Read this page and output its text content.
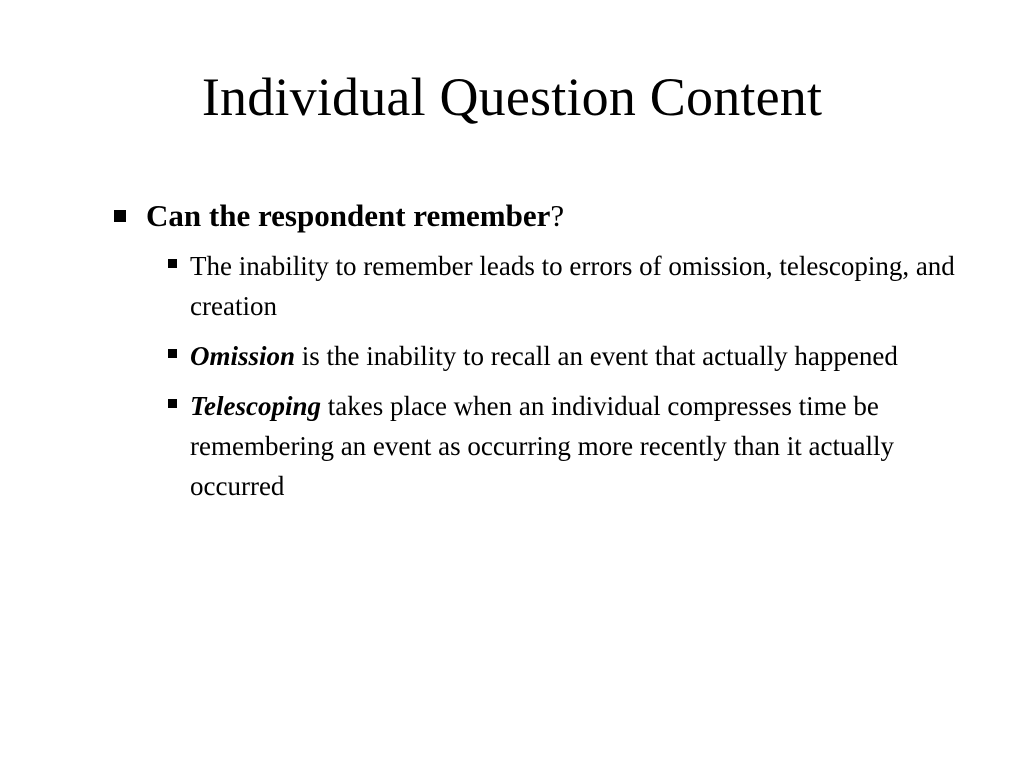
Individual Question Content
Can the respondent remember?
The inability to remember leads to errors of omission, telescoping, and creation
Omission is the inability to recall an event that actually happened
Telescoping takes place when an individual compresses time be remembering an event as occurring more recently than it actually occurred
